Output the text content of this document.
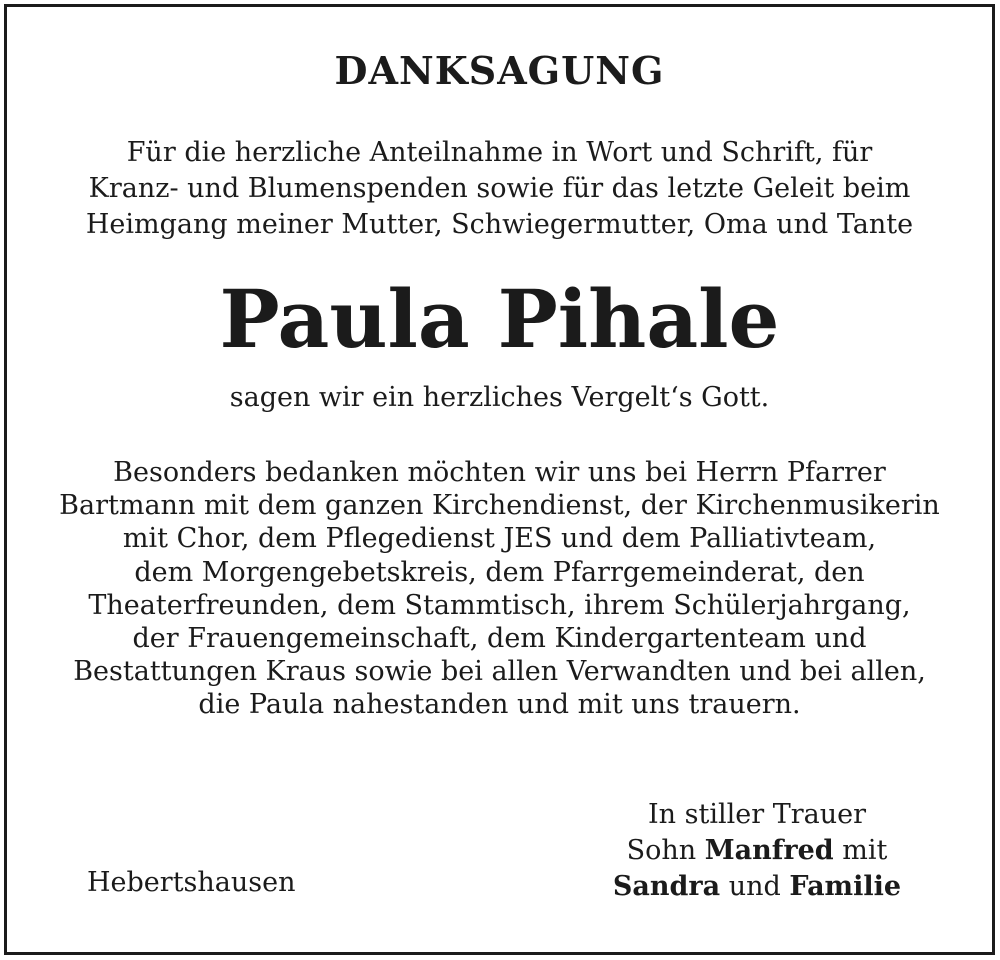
DANKSAGUNG
Für die herzliche Anteilnahme in Wort und Schrift, für
Kranz- und Blumenspenden sowie für das letzte Geleit beim
Heimgang meiner Mutter, Schwiegermutter, Oma und Tante
Paula Pihale
sagen wir ein herzliches Vergelt‘s Gott.
Besonders bedanken möchten wir uns bei Herrn Pfarrer
Bartmann mit dem ganzen Kirchendienst, der Kirchenmusikerin
mit Chor, dem Pflegedienst JES und dem Palliativteam,
dem Morgengebetskreis, dem Pfarrgemeinderat, den
Theaterfreunden, dem Stammtisch, ihrem Schülerjahrgang,
der Frauengemeinschaft, dem Kindergartenteam und
Bestattungen Kraus sowie bei allen Verwandten und bei allen,
die Paula nahestanden und mit uns trauern.
Hebertshausen
In stiller Trauer
Sohn Manfred mit
Sandra und Familie
